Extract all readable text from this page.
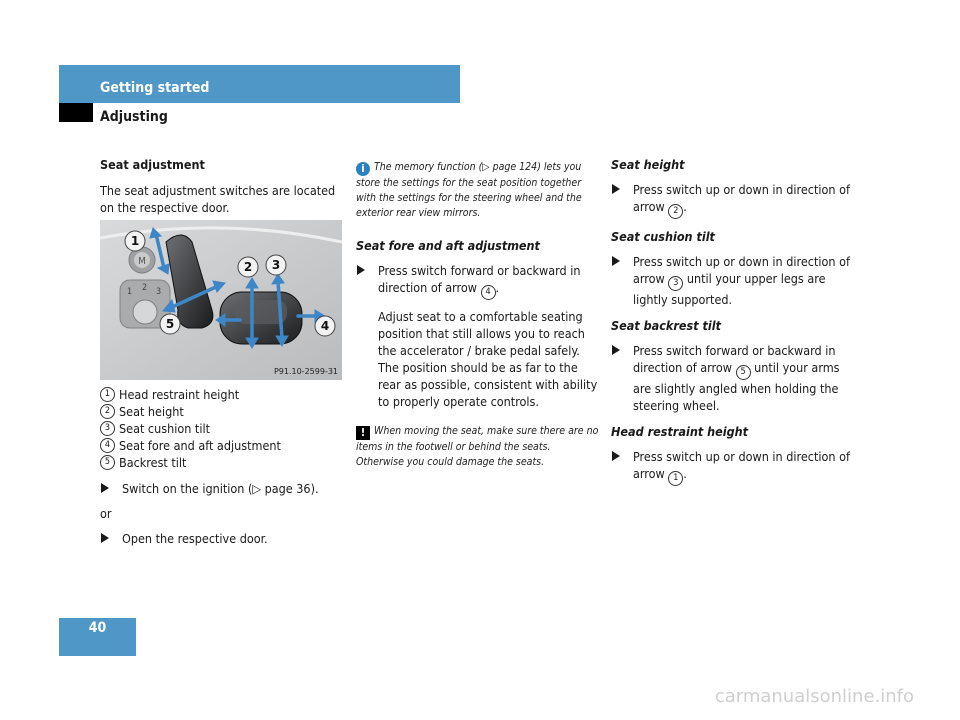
Getting started
Adjusting

Seat adjustment

The seat adjustment switches are located on the respective door.

M
1 2 3
1
2 3
4
5
P91.10-2599-31
1 Head restraint height
2 Seat height
3 Seat cushion tilt
4 Seat fore and aft adjustment
5 Backrest tilt
Switch on the ignition (▷ page 36).

or

Open the respective door.

i The memory function (▷ page 124) lets you store the settings for the seat position together with the settings for the steering wheel and the exterior rear view mirrors.

Seat fore and aft adjustment

Press switch forward or backward in direction of arrow 4 .

Adjust seat to a comfortable seating position that still allows you to reach the accelerator / brake pedal safely. The position should be as far to the rear as possible, consistent with ability to properly operate controls.

! When moving the seat, make sure there are no items in the footwell or behind the seats. Otherwise you could damage the seats.

Seat height

Press switch up or down in direction of arrow 2 .

Seat cushion tilt

Press switch up or down in direction of arrow 3 until your upper legs are lightly supported.

Seat backrest tilt

Press switch forward or backward in direction of arrow 5 until your arms are slightly angled when holding the steering wheel.

Head restraint height

Press switch up or down in direction of arrow 1 .
40
carmanualsonline.info
